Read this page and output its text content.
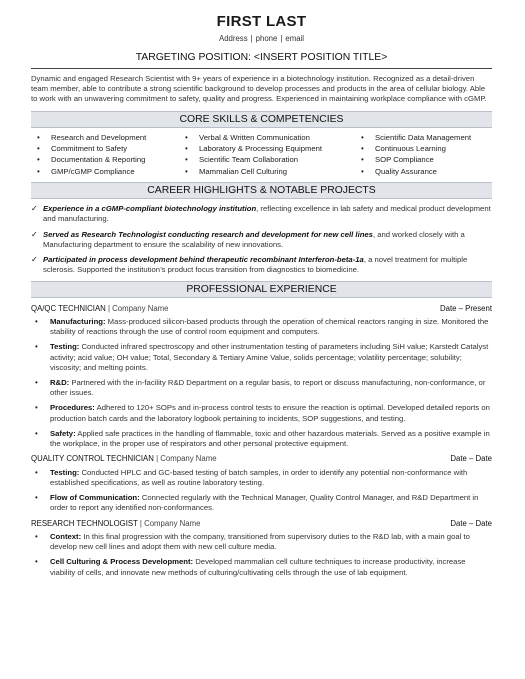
FIRST LAST
Address | phone | email
TARGETING POSITION: <INSERT POSITION TITLE>
Dynamic and engaged Research Scientist with 9+ years of experience in a biotechnology institution. Recognized as a detail-driven team member, able to contribute a strong scientific background to develop processes and products in the area of cellular biology. Able to work with an unwavering commitment to safety, quality and progress. Experienced in maintaining workplace compliance with cGMP.
CORE SKILLS & COMPETENCIES
• Research and Development
• Commitment to Safety
• Documentation & Reporting
• GMP/cGMP Compliance
• Verbal & Written Communication
• Laboratory & Processing Equipment
• Scientific Team Collaboration
• Mammalian Cell Culturing
• Scientific Data Management
• Continuous Learning
• SOP Compliance
• Quality Assurance
CAREER HIGHLIGHTS & NOTABLE PROJECTS
✓ Experience in a cGMP-compliant biotechnology institution, reflecting excellence in lab safety and medical product development and manufacturing.
✓ Served as Research Technologist conducting research and development for new cell lines, and worked closely with a Manufacturing department to ensure the scalability of new innovations.
✓ Participated in process development behind therapeutic recombinant Interferon-beta-1a, a novel treatment for multiple sclerosis. Supported the institution’s product focus transition from diagnostics to biomedicine.
PROFESSIONAL EXPERIENCE
QA/QC TECHNICIAN | Company Name	Date – Present
• Manufacturing: Mass-produced silicon-based products through the operation of chemical reactors ranging in size. Monitored the stability of reactions through the use of control room equipment and computers.
• Testing: Conducted infrared spectroscopy and other instrumentation testing of parameters including SiH value; Karstedt Catalyst activity; acid value; OH value; Total, Secondary & Tertiary Amine Value, solids percentage; volatility percentage; solubility; viscosity; and melting points.
• R&D: Partnered with the in-facility R&D Department on a regular basis, to report or discuss manufacturing, non-conformance, or other issues.
• Procedures: Adhered to 120+ SOPs and in-process control tests to ensure the reaction is optimal. Developed detailed reports on production batch cards and the laboratory logbook pertaining to incidents, SOP suggestions, and testing.
• Safety: Applied safe practices in the handling of flammable, toxic and other hazardous materials. Served as a positive example in the workplace, in the proper use of respirators and other personal protective equipment.
QUALITY CONTROL TECHNICIAN | Company Name	Date – Date
• Testing: Conducted HPLC and GC-based testing of batch samples, in order to identify any potential non-conformance with established specifications, as well as routine laboratory testing.
• Flow of Communication: Connected regularly with the Technical Manager, Quality Control Manager, and R&D Department in order to report any identified non-conformances.
RESEARCH TECHNOLOGIST | Company Name	Date – Date
• Context: In this final progression with the company, transitioned from supervisory duties to the R&D lab, with a main goal to develop new cell lines and adopt them with new cell culture media.
• Cell Culturing & Process Development: Developed mammalian cell culture techniques to increase productivity, increase viability of cells, and innovate new methods of culturing/cultivating cells through the use of lab equipment.
